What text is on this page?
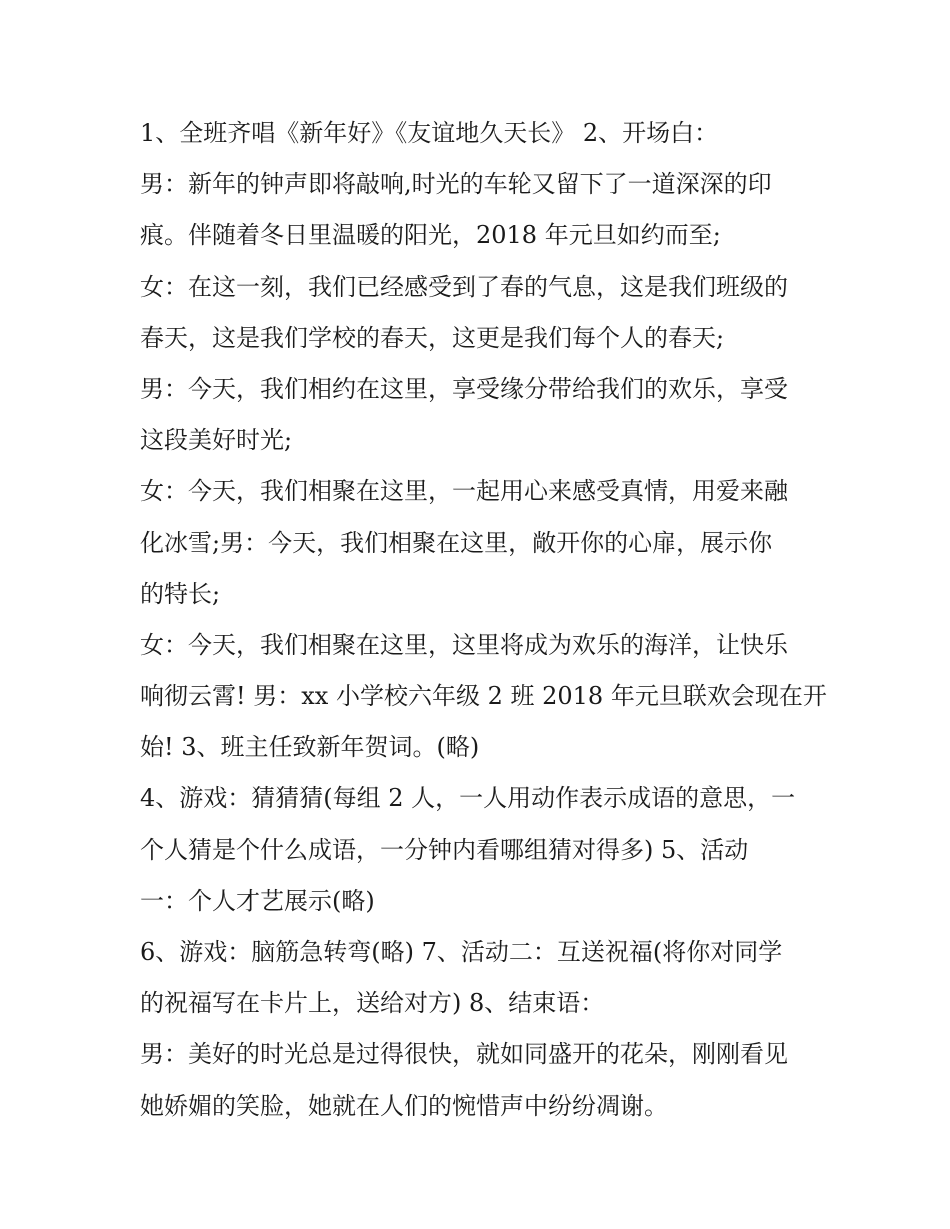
1、全班齐唱《新年好》《友谊地久天长》 2、开场白：
男：新年的钟声即将敲响,时光的车轮又留下了一道深深的印
痕。伴随着冬日里温暖的阳光，2018 年元旦如约而至;
女：在这一刻，我们已经感受到了春的气息，这是我们班级的
春天，这是我们学校的春天，这更是我们每个人的春天;
男：今天，我们相约在这里，享受缘分带给我们的欢乐，享受
这段美好时光;
女：今天，我们相聚在这里，一起用心来感受真情，用爱来融
化冰雪;男：今天，我们相聚在这里，敞开你的心扉，展示你
的特长;
女：今天，我们相聚在这里，这里将成为欢乐的海洋，让快乐
响彻云霄! 男：xx 小学校六年级 2 班 2018 年元旦联欢会现在开
始! 3、班主任致新年贺词。(略)
4、游戏：猜猜猜(每组 2 人，一人用动作表示成语的意思，一
个人猜是个什么成语，一分钟内看哪组猜对得多) 5、活动
一：个人才艺展示(略)
6、游戏：脑筋急转弯(略) 7、活动二：互送祝福(将你对同学
的祝福写在卡片上，送给对方) 8、结束语：
男：美好的时光总是过得很快，就如同盛开的花朵，刚刚看见
她娇媚的笑脸，她就在人们的惋惜声中纷纷凋谢。
